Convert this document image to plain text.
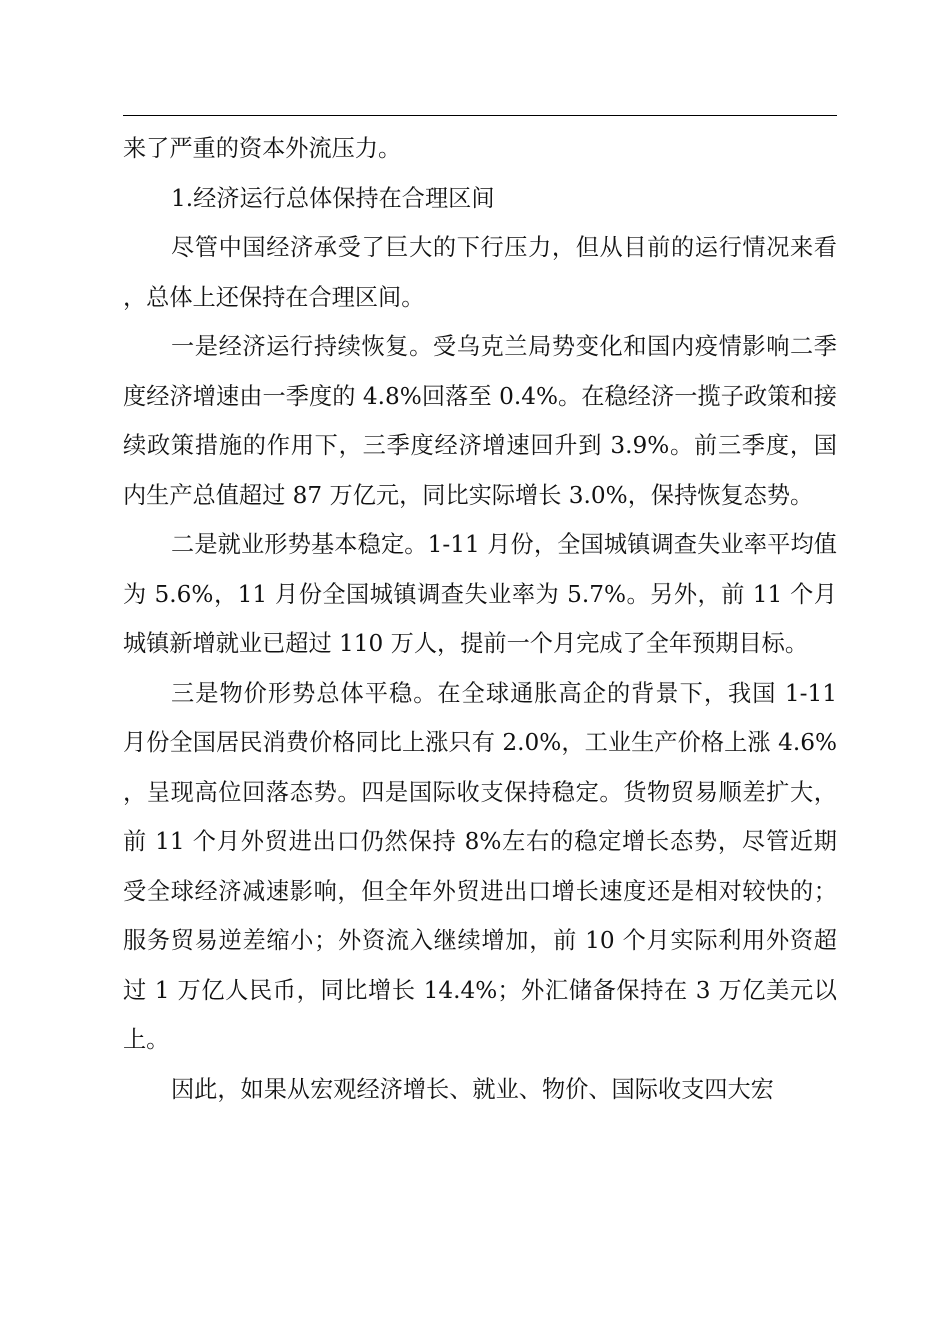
来了严重的资本外流压力。

1.经济运行总体保持在合理区间

尽管中国经济承受了巨大的下行压力，但从目前的运行情况来看，总体上还保持在合理区间。

一是经济运行持续恢复。受乌克兰局势变化和国内疫情影响二季度经济增速由一季度的 4.8%回落至 0.4%。在稳经济一揽子政策和接续政策措施的作用下，三季度经济增速回升到 3.9%。前三季度，国内生产总值超过 87 万亿元，同比实际增长 3.0%，保持恢复态势。

二是就业形势基本稳定。1-11 月份，全国城镇调查失业率平均值为 5.6%，11 月份全国城镇调查失业率为 5.7%。另外，前 11 个月城镇新增就业已超过 110 万人，提前一个月完成了全年预期目标。

三是物价形势总体平稳。在全球通胀高企的背景下，我国 1-11 月份全国居民消费价格同比上涨只有 2.0%，工业生产价格上涨 4.6%，呈现高位回落态势。四是国际收支保持稳定。货物贸易顺差扩大，前 11 个月外贸进出口仍然保持 8%左右的稳定增长态势，尽管近期受全球经济减速影响，但全年外贸进出口增长速度还是相对较快的；服务贸易逆差缩小；外资流入继续增加，前 10 个月实际利用外资超过 1 万亿人民币，同比增长 14.4%；外汇储备保持在 3 万亿美元以上。

因此，如果从宏观经济增长、就业、物价、国际收支四大宏
